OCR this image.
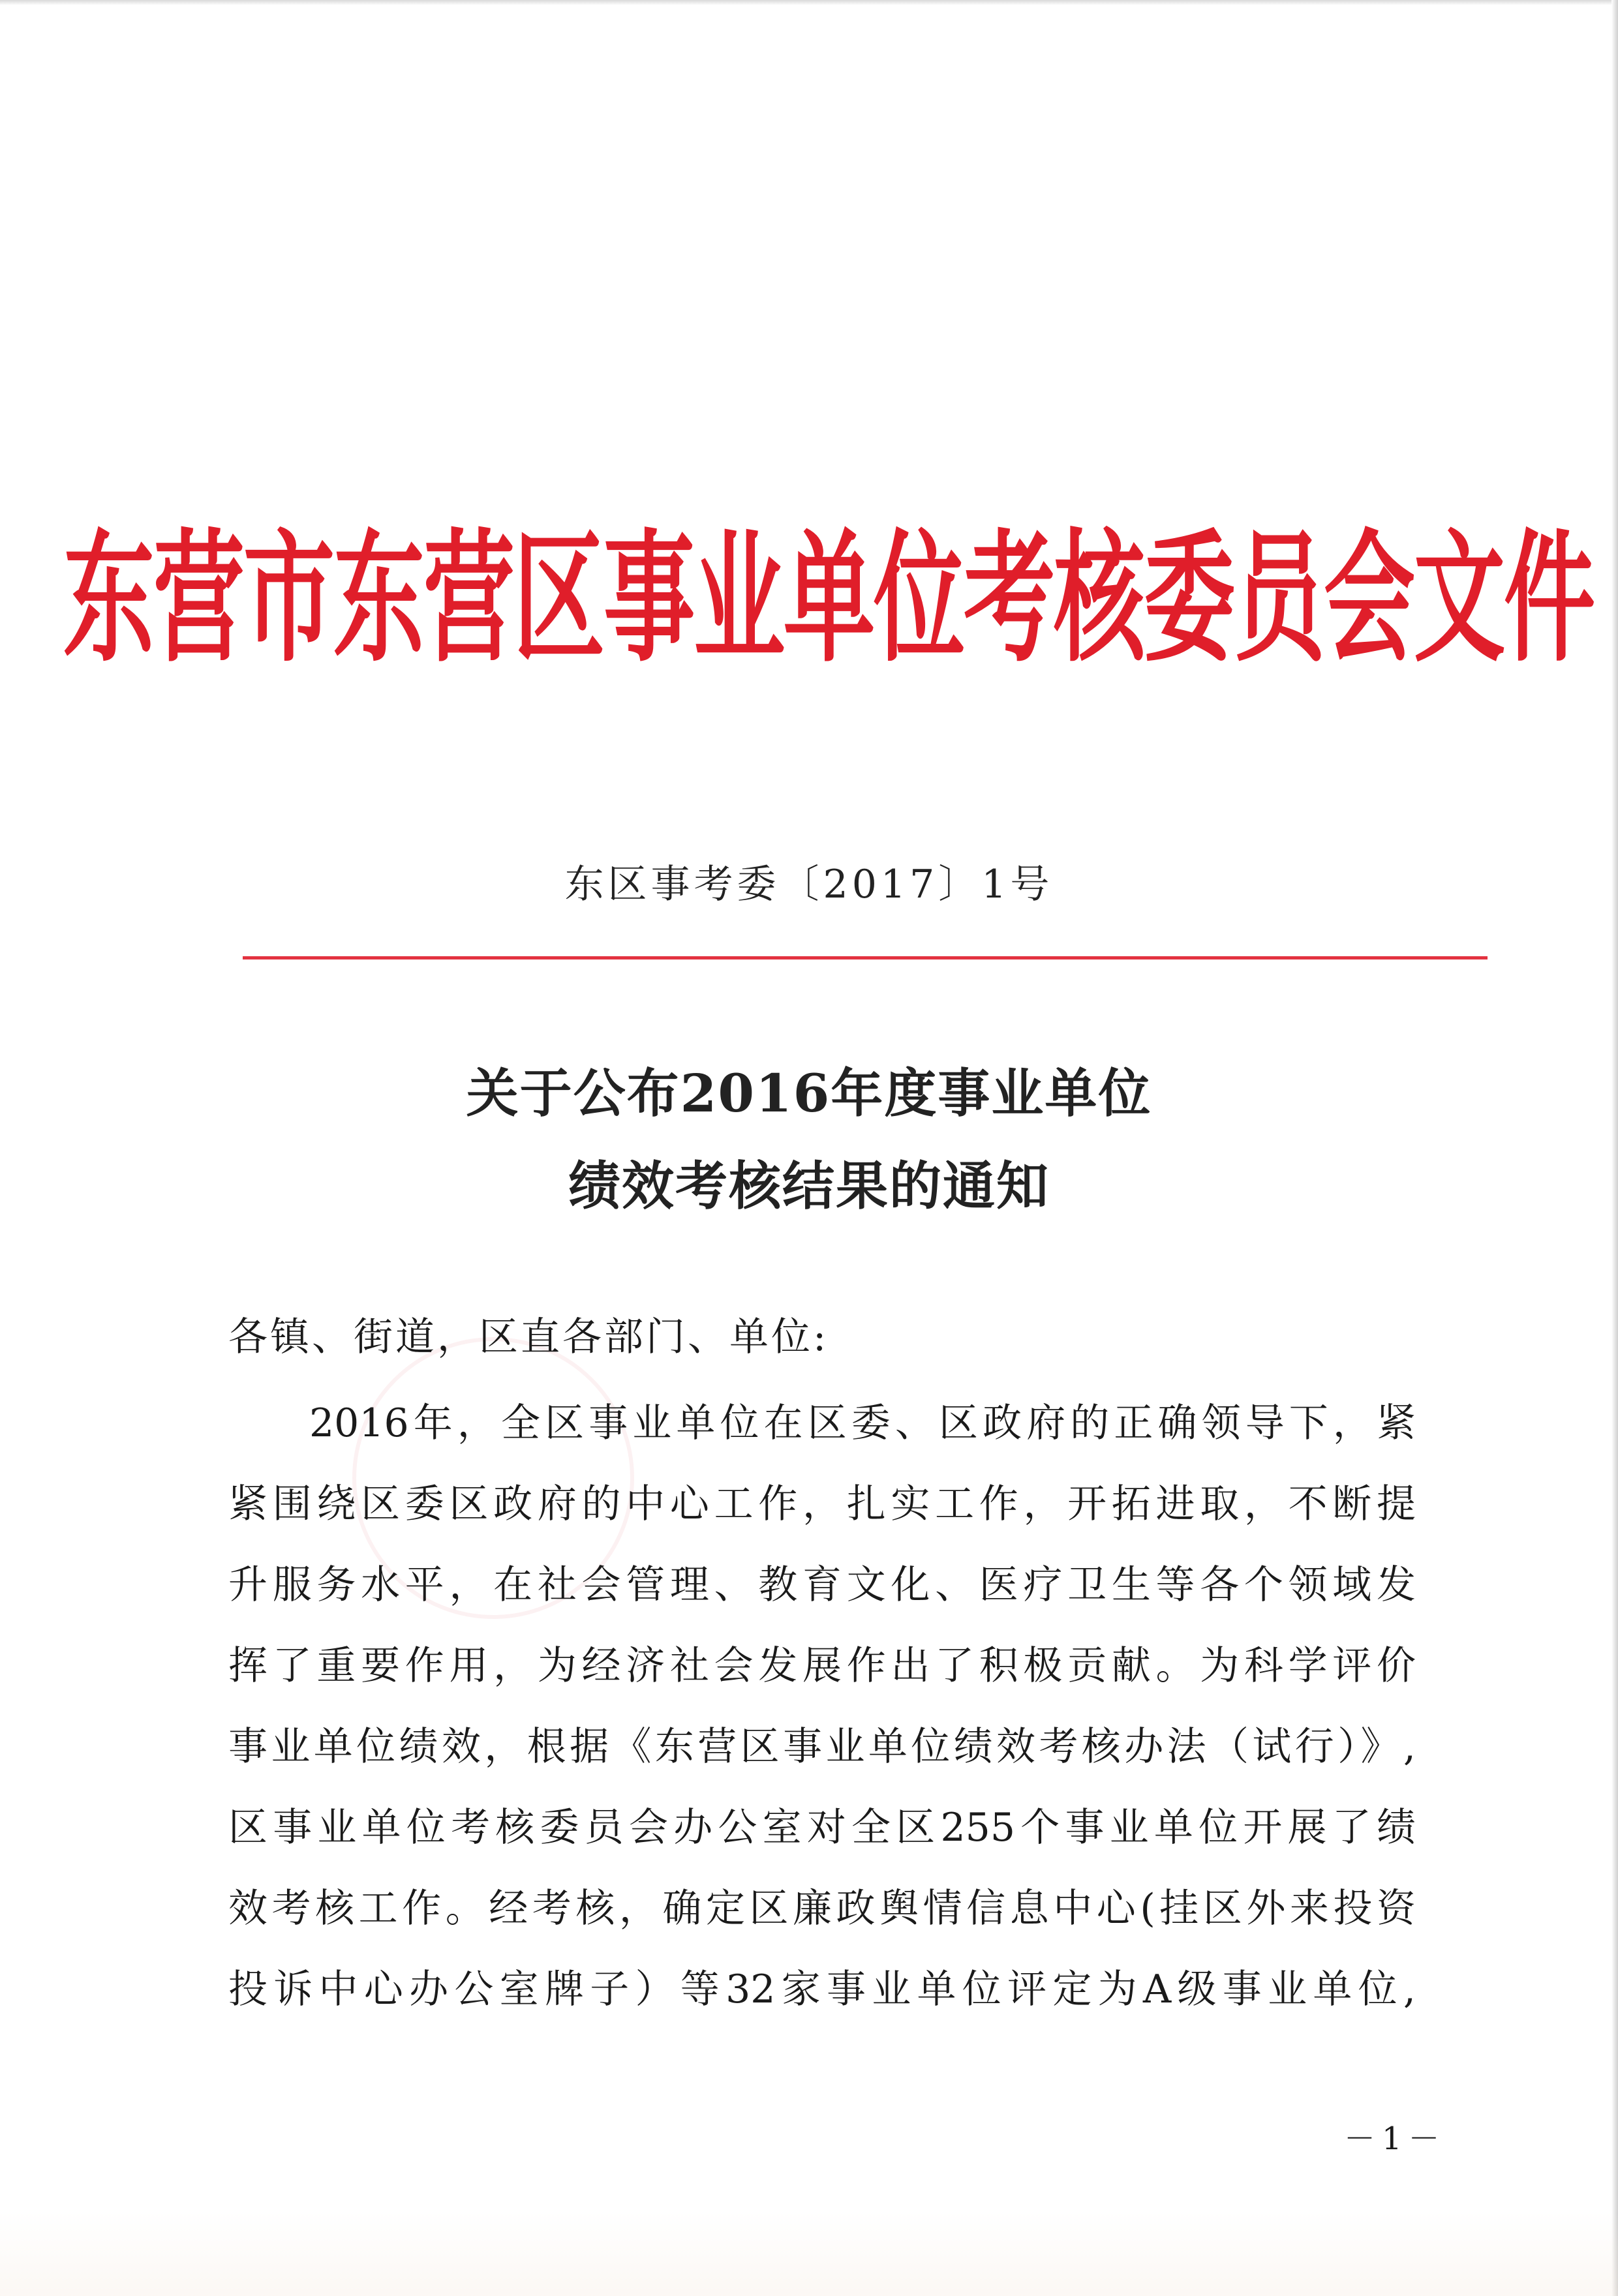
东营市东营区事业单位考核委员会文件
东区事考委〔2017〕1号
关于公布2016年度事业单位
绩效考核结果的通知
各镇、街道，区直各部门、单位:
2016年，全区事业单位在区委、区政府的正确领导下，紧
紧围绕区委区政府的中心工作，扎实工作，开拓进取，不断提
升服务水平，在社会管理、教育文化、医疗卫生等各个领域发
挥了重要作用，为经济社会发展作出了积极贡献。为科学评价
事业单位绩效，根据《东营区事业单位绩效考核办法（试行）》,
区事业单位考核委员会办公室对全区255个事业单位开展了绩
效考核工作。经考核，确定区廉政舆情信息中心(挂区外来投资
投诉中心办公室牌子）等32家事业单位评定为A级事业单位,
－1－
